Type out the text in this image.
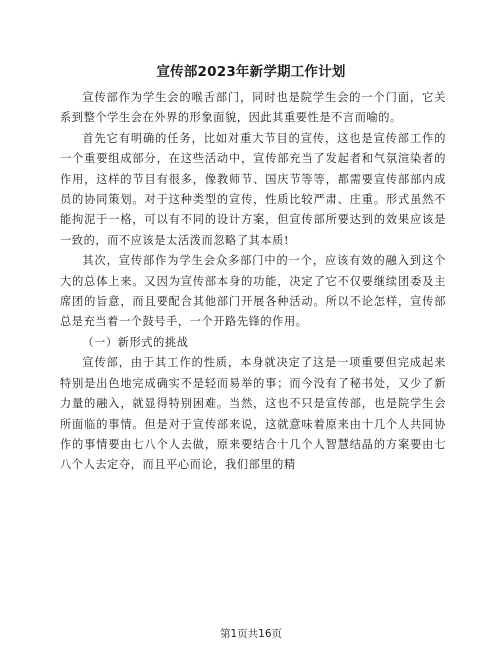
宣传部2023年新学期工作计划

宣传部作为学生会的喉舌部门，同时也是院学生会的一个门面，它关系到整个学生会在外界的形象面貌，因此其重要性是不言而喻的。

首先它有明确的任务，比如对重大节目的宣传，这也是宣传部工作的一个重要组成部分，在这些活动中，宣传部充当了发起者和气氛渲染者的作用，这样的节目有很多，像教师节、国庆节等等，都需要宣传部部内成员的协同策划。对于这种类型的宣传，性质比较严肃、庄重。形式虽然不能拘泥于一格，可以有不同的设计方案，但宣传部所要达到的效果应该是一致的，而不应该是太活泼而忽略了其本质!

其次，宣传部作为学生会众多部门中的一个，应该有效的融入到这个大的总体上来。又因为宣传部本身的功能，决定了它不仅要继续团委及主席团的旨意，而且要配合其他部门开展各种活动。所以不论怎样，宣传部总是充当着一个鼓号手，一个开路先锋的作用。

（一）新形式的挑战

宣传部，由于其工作的性质，本身就决定了这是一项重要但完成起来特别是出色地完成确实不是轻而易举的事；而今没有了秘书处，又少了新力量的融入，就显得特别困难。当然，这也不只是宣传部，也是院学生会所面临的事情。但是对于宣传部来说，这就意味着原来由十几个人共同协作的事情要由七八个人去做，原来要结合十几个人智慧结晶的方案要由七八个人去定夺，而且平心而论，我们部里的精

第1页共16页
